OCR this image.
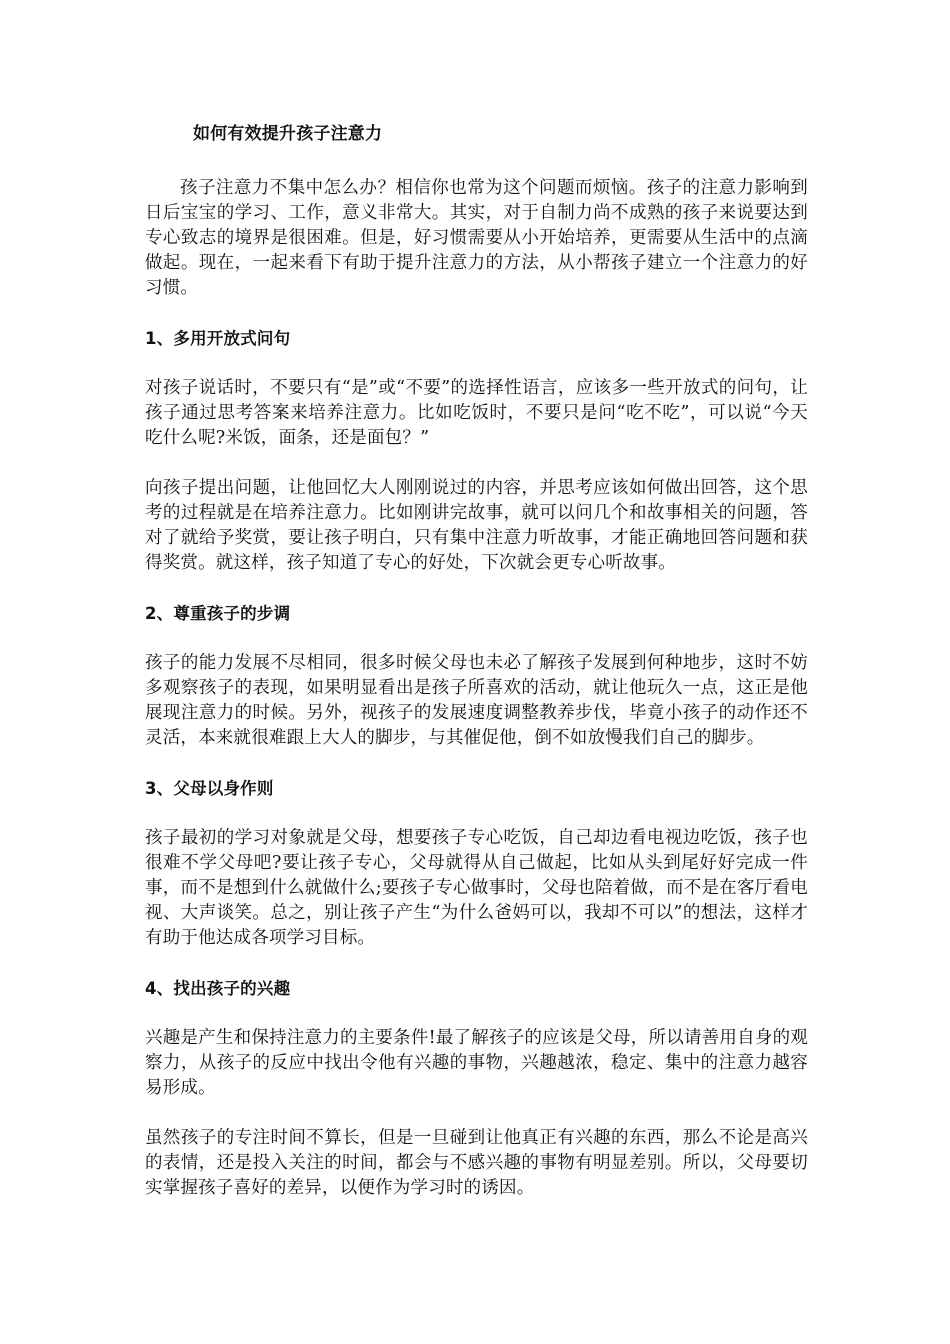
如何有效提升孩子注意力

孩子注意力不集中怎么办？相信你也常为这个问题而烦恼。孩子的注意力影响到日后宝宝的学习、工作，意义非常大。其实，对于自制力尚不成熟的孩子来说要达到专心致志的境界是很困难。但是，好习惯需要从小开始培养，更需要从生活中的点滴做起。现在，一起来看下有助于提升注意力的方法，从小帮孩子建立一个注意力的好习惯。

1、多用开放式问句

对孩子说话时，不要只有“是”或“不要”的选择性语言，应该多一些开放式的问句，让孩子通过思考答案来培养注意力。比如吃饭时，不要只是问“吃不吃”，可以说“今天吃什么呢?米饭，面条，还是面包？”

向孩子提出问题，让他回忆大人刚刚说过的内容，并思考应该如何做出回答，这个思考的过程就是在培养注意力。比如刚讲完故事，就可以问几个和故事相关的问题，答对了就给予奖赏，要让孩子明白，只有集中注意力听故事，才能正确地回答问题和获得奖赏。就这样，孩子知道了专心的好处，下次就会更专心听故事。

2、尊重孩子的步调

孩子的能力发展不尽相同，很多时候父母也未必了解孩子发展到何种地步，这时不妨多观察孩子的表现，如果明显看出是孩子所喜欢的活动，就让他玩久一点，这正是他展现注意力的时候。另外，视孩子的发展速度调整教养步伐，毕竟小孩子的动作还不灵活，本来就很难跟上大人的脚步，与其催促他，倒不如放慢我们自己的脚步。

3、父母以身作则

孩子最初的学习对象就是父母，想要孩子专心吃饭，自己却边看电视边吃饭，孩子也很难不学父母吧?要让孩子专心，父母就得从自己做起，比如从头到尾好好完成一件事，而不是想到什么就做什么;要孩子专心做事时，父母也陪着做，而不是在客厅看电视、大声谈笑。总之，别让孩子产生“为什么爸妈可以，我却不可以”的想法，这样才有助于他达成各项学习目标。

4、找出孩子的兴趣

兴趣是产生和保持注意力的主要条件!最了解孩子的应该是父母，所以请善用自身的观察力，从孩子的反应中找出令他有兴趣的事物，兴趣越浓，稳定、集中的注意力越容易形成。

虽然孩子的专注时间不算长，但是一旦碰到让他真正有兴趣的东西，那么不论是高兴的表情，还是投入关注的时间，都会与不感兴趣的事物有明显差别。所以，父母要切实掌握孩子喜好的差异，以便作为学习时的诱因。
